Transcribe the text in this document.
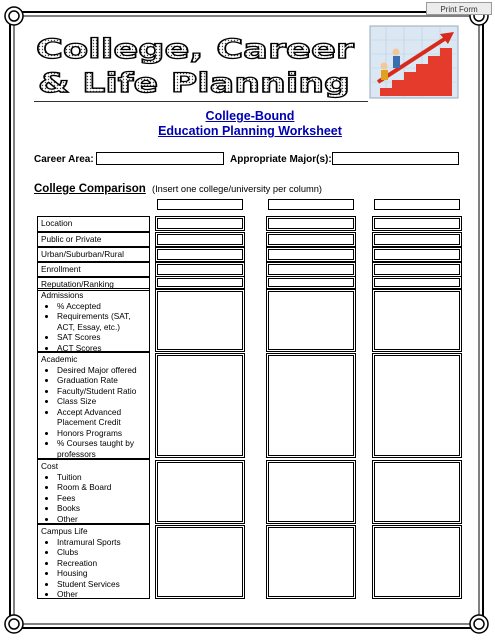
Print Form
College, Career
& Life Planning
College-Bound
Education Planning Worksheet
Career Area:	Appropriate Major(s):
College Comparison (Insert one college/university per column)
Location
Public or Private
Urban/Suburban/Rural
Enrollment
Reputation/Ranking
Admissions
• % Accepted
• Requirements (SAT, ACT, Essay, etc.)
• SAT Scores
• ACT Scores
Academic
• Desired Major offered
• Graduation Rate
• Faculty/Student Ratio
• Class Size
• Accept Advanced Placement Credit
• Honors Programs
• % Courses taught by professors
Cost
• Tuition
• Room & Board
• Fees
• Books
• Other
Campus Life
• Intramural Sports
• Clubs
• Recreation
• Housing
• Student Services
• Other
